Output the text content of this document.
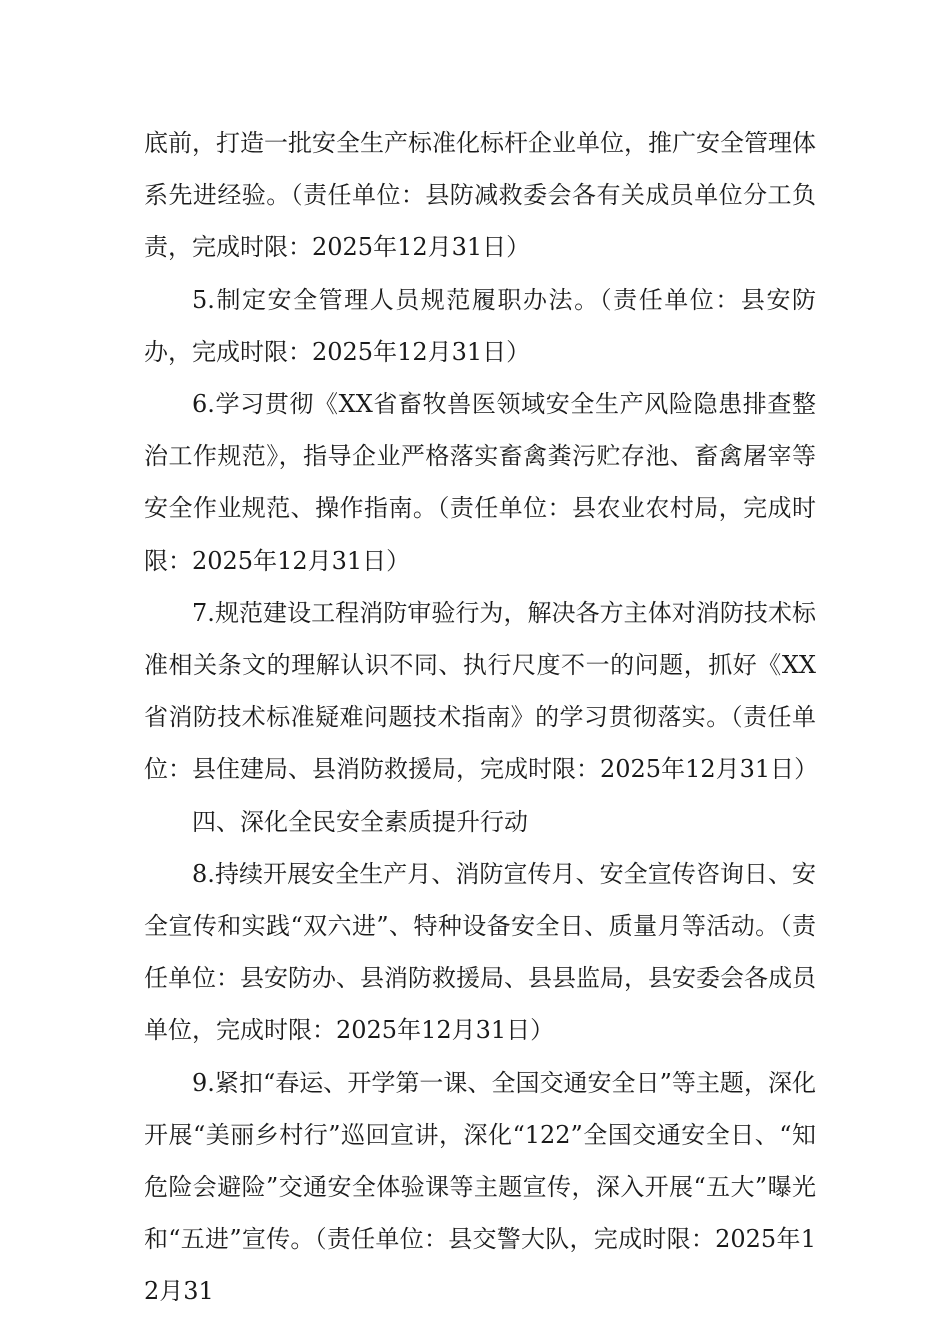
底前，打造一批安全生产标准化标杆企业单位，推广安全管理体系先进经验。（责任单位：县防减救委会各有关成员单位分工负责，完成时限：2025年12月31日）

5.制定安全管理人员规范履职办法。（责任单位：县安防办，完成时限：2025年12月31日）

6.学习贯彻《XX省畜牧兽医领域安全生产风险隐患排查整治工作规范》，指导企业严格落实畜禽粪污贮存池、畜禽屠宰等安全作业规范、操作指南。（责任单位：县农业农村局，完成时限：2025年12月31日）

7.规范建设工程消防审验行为，解决各方主体对消防技术标准相关条文的理解认识不同、执行尺度不一的问题，抓好《XX省消防技术标准疑难问题技术指南》的学习贯彻落实。（责任单位：县住建局、县消防救援局，完成时限：2025年12月31日）

四、深化全民安全素质提升行动

8.持续开展安全生产月、消防宣传月、安全宣传咨询日、安全宣传和实践“双六进”、特种设备安全日、质量月等活动。（责任单位：县安防办、县消防救援局、县县监局，县安委会各成员单位，完成时限：2025年12月31日）

9.紧扣“春运、开学第一课、全国交通安全日”等主题，深化开展“美丽乡村行”巡回宣讲，深化“122”全国交通安全日、“知危险会避险”交通安全体验课等主题宣传，深入开展“五大”曝光和“五进”宣传。（责任单位：县交警大队，完成时限：2025年12月31
